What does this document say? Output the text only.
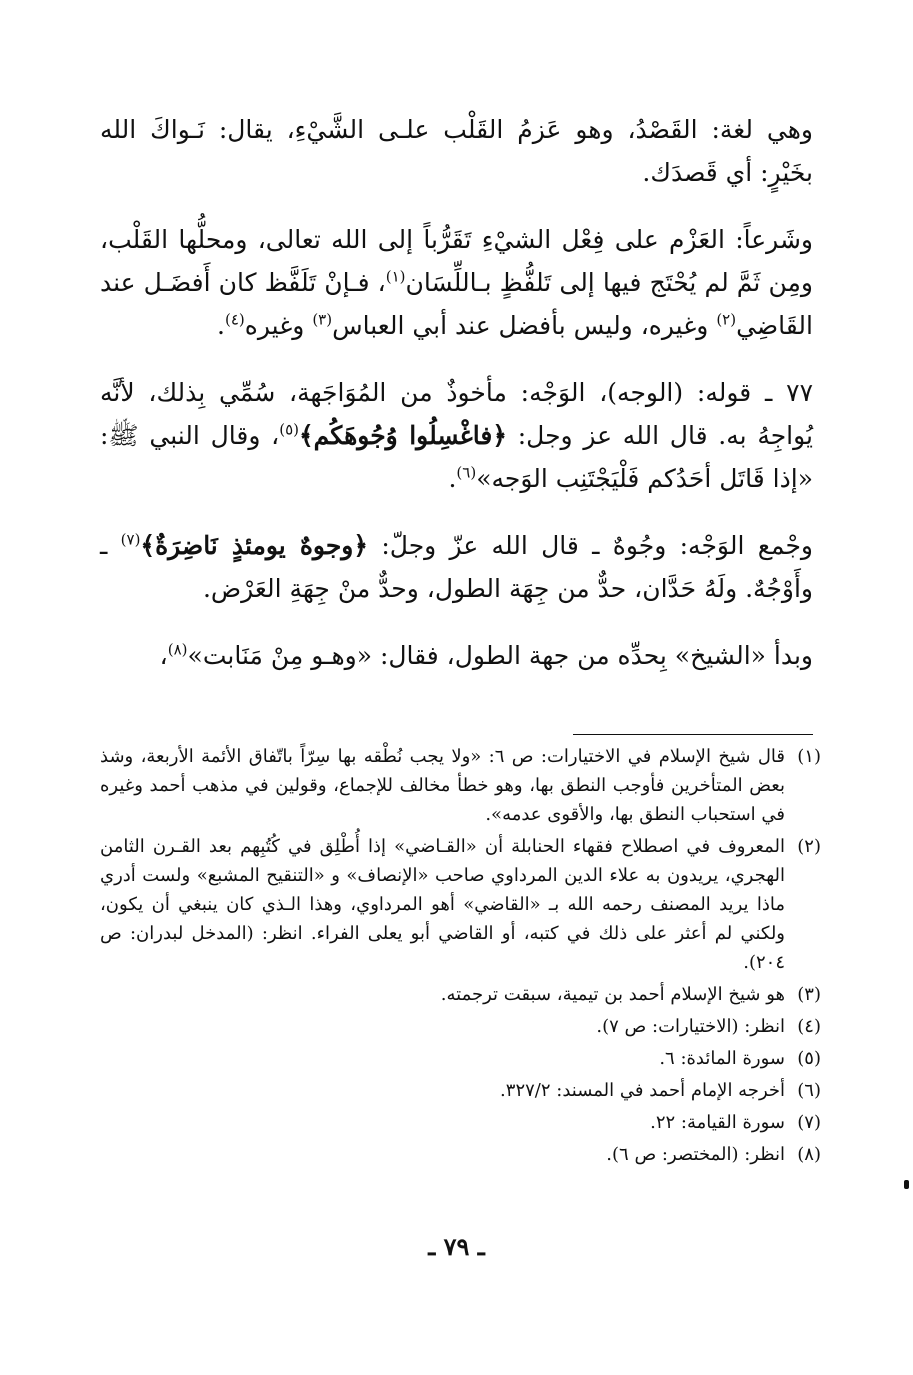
وهي لغة: القَصْدُ، وهو عَزمُ القَلْب علـى الشَّيْءِ، يقال: نَـواكَ الله بخَيْرٍ: أي قَصدَك.

وشَرعاً: العَزْم على فِعْل الشيْءِ تَقَرُّباً إلى الله تعالى، ومحلُّها القَلْب، ومِن ثَمَّ لم يُحْتَج فيها إلى تَلفُّظٍ بـاللِّسَان$^{(١)}$، فـإنْ تَلَفَّظ كان أَفضَـل عند القَاضِي$^{(٢)}$ وغيره، وليس بأفضل عند أبي العباس$^{(٣)}$ وغيره$^{(٤)}$.

٧٧ ـ قوله: (الوجه)، الوَجْه: مأخوذٌ من المُوَاجَهة، سُمِّي بِذلك، لأنَّه يُواجِهُ به. قال الله عز وجل: ﴿فاغْسِلُوا وُجُوهَكُم﴾$^{(٥)}$، وقال النبي ﷺ: «إذا قَاتَل أحَدُكم فَلْيَجْتَنِب الوَجه»$^{(٦)}$.

وجْمع الوَجْه: وجُوهٌ ـ قال الله عزّ وجلّ: ﴿وجوهٌ يومئذٍ نَاضِرَةٌ﴾$^{(٧)}$ ـ وأَوْجُهٌ. ولَهُ حَدَّان، حدٌّ من جِهَة الطول، وحدٌّ منْ جِهَةِ العَرْض.

وبدأ «الشيخ» بِحدِّه من جهة الطول، فقال: «وهـو مِنْ مَنَابت»$^{(٨)}$،

(١)
قال شيخ الإسلام في الاختيارات: ص ٦: «ولا يجب نُطْقه بها سِرّاً باتّفاق الأئمة الأربعة، وشذ بعض المتأخرين فأوجب النطق بها، وهو خطأ مخالف للإجماع، وقولين في مذهب أحمد وغيره في استحباب النطق بها، والأقوى عدمه».
(٢)
المعروف في اصطلاح فقهاء الحنابلة أن «القـاضي» إذا أُطْلِق في كُتُبِهم بعد القـرن الثامن الهجري، يريدون به علاء الدين المرداوي صاحب «الإنصاف» و «التنقيح المشبع» ولست أدري ماذا يريد المصنف رحمه الله بـ «القاضي» أهو المرداوي، وهذا الـذي كان ينبغي أن يكون، ولكني لم أعثر على ذلك في كتبه، أو القاضي أبو يعلى الفراء. انظر: (المدخل لبدران: ص ٢٠٤).
(٣)
هو شيخ الإسلام أحمد بن تيمية، سبقت ترجمته.
(٤)
انظر: (الاختيارات: ص ٧).
(٥)
سورة المائدة: ٦.
(٦)
أخرجه الإمام أحمد في المسند: ٣٢٧/٢.
(٧)
سورة القيامة: ٢٢.
(٨)
انظر: (المختصر: ص ٦).
ـ ٧٩ ـ
